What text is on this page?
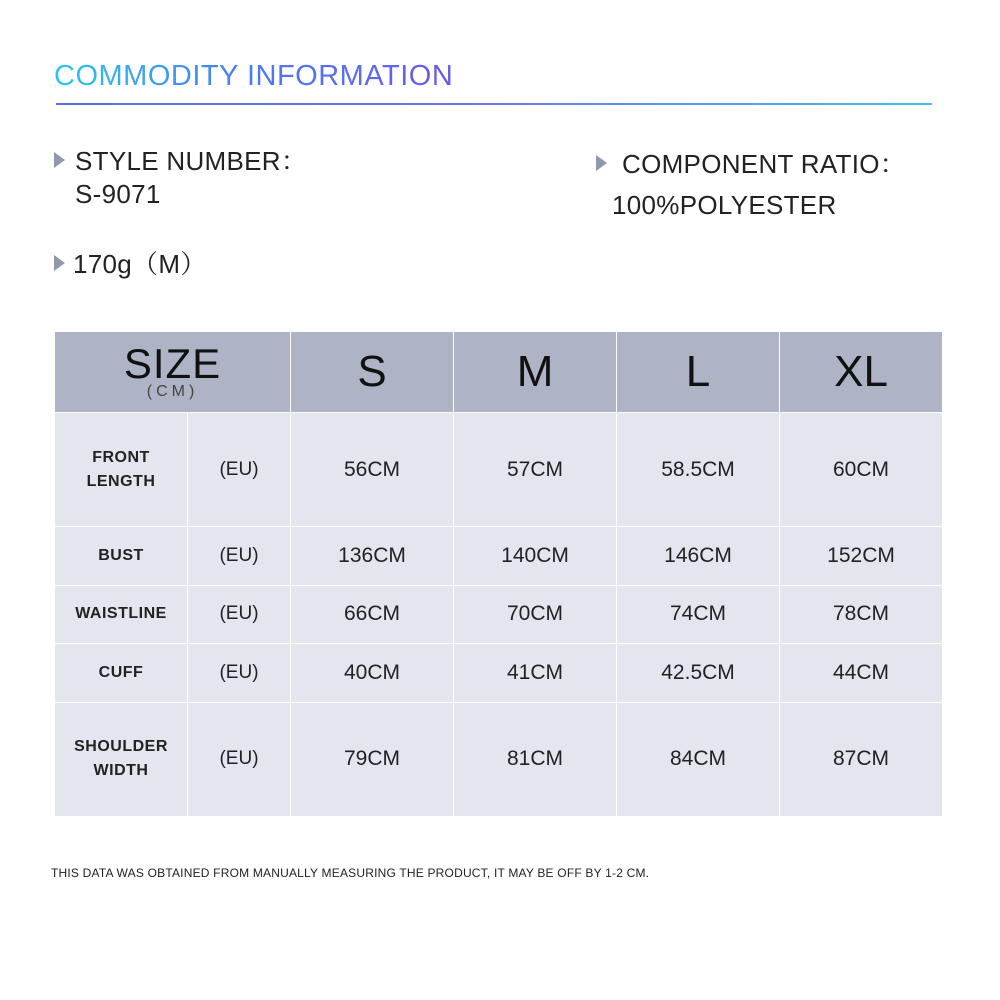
COMMODITY INFORMATION
STYLE NUMBER：
S-9071
COMPONENT RATIO：
100%POLYESTER
170g（M）
SIZE
(CM)		S	M	L	XL
FRONT
LENGTH	(EU)	56CM	57CM	58.5CM	60CM
BUST	(EU)	136CM	140CM	146CM	152CM
WAISTLINE	(EU)	66CM	70CM	74CM	78CM
CUFF	(EU)	40CM	41CM	42.5CM	44CM
SHOULDER
WIDTH	(EU)	79CM	81CM	84CM	87CM
THIS DATA WAS OBTAINED FROM MANUALLY MEASURING THE PRODUCT, IT MAY BE OFF BY 1-2 CM.
